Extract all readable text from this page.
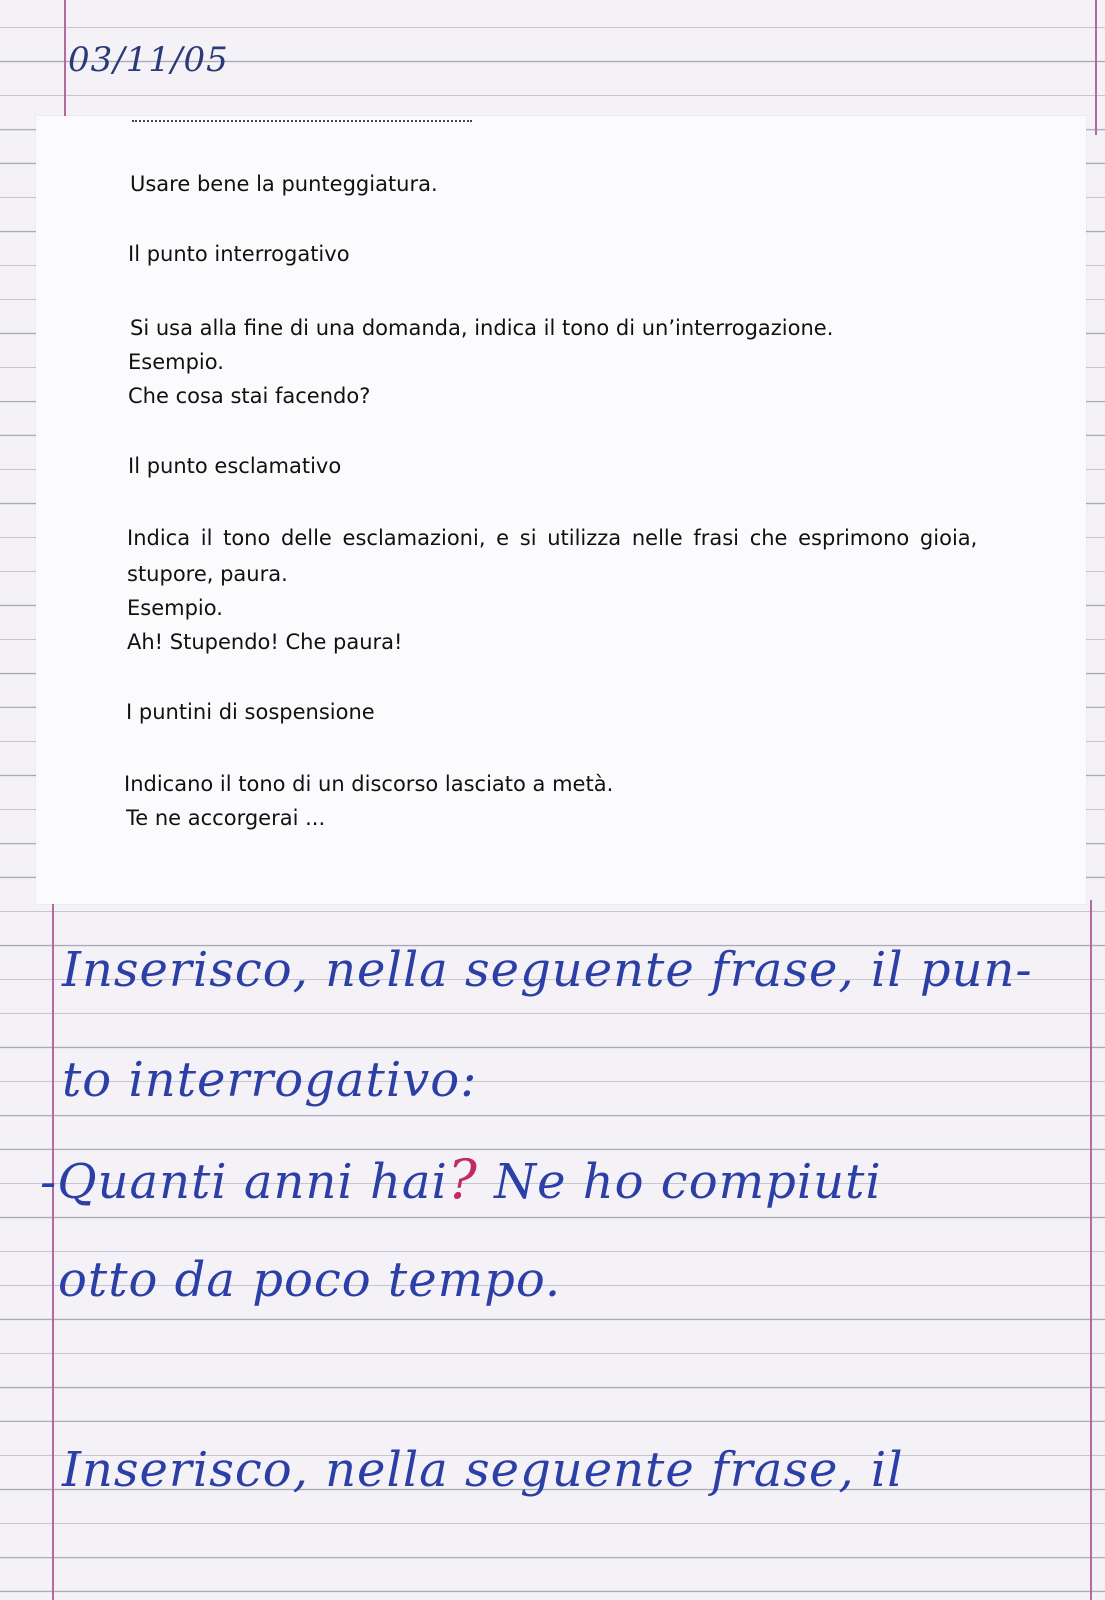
03/11/05
Usare bene la punteggiatura.
Il punto interrogativo
Si usa alla fine di una domanda, indica il tono di un’interrogazione.
Esempio.
Che cosa stai facendo?
Il punto esclamativo
Indica il tono delle esclamazioni, e si utilizza nelle frasi che esprimono gioia,
stupore, paura.
Esempio.
Ah! Stupendo! Che paura!
I puntini di sospensione
Indicano il tono di un discorso lasciato a metà.
Te ne accorgerai ...
Inserisco, nella seguente frase, il pun-
to interrogativo:
-Quanti anni hai? Ne ho compiuti
otto da poco tempo.
Inserisco, nella seguente frase, il
